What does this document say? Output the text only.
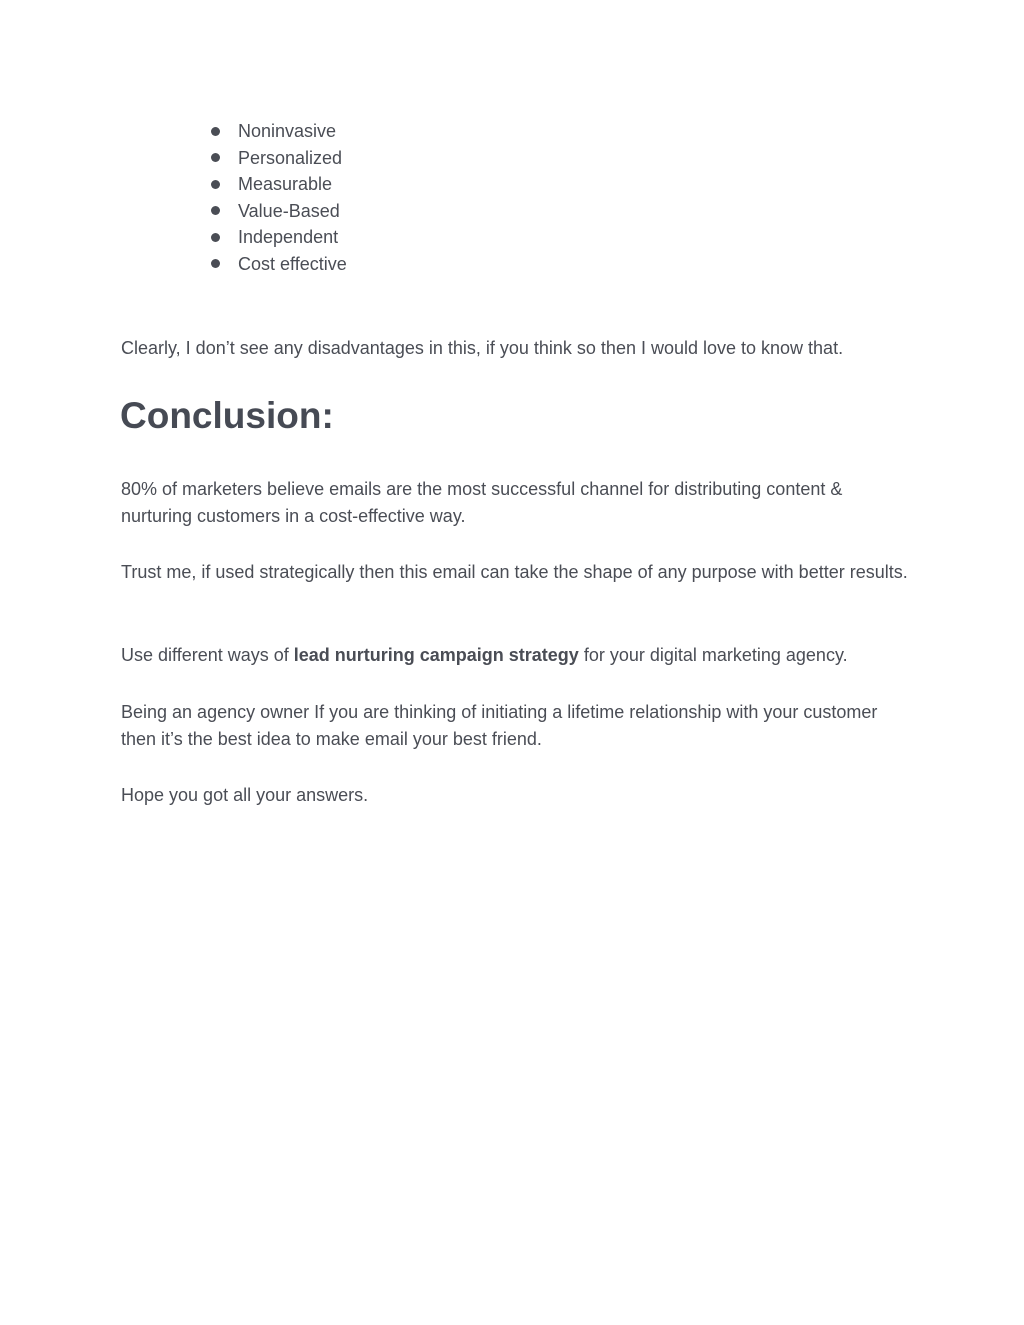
Noninvasive
Personalized
Measurable
Value-Based
Independent
Cost effective

Clearly, I don’t see any disadvantages in this, if you think so then I would love to know that.

Conclusion:

80% of marketers believe emails are the most successful channel for distributing content & nurturing customers in a cost-effective way.

Trust me, if used strategically then this email can take the shape of any purpose with better results.

Use different ways of lead nurturing campaign strategy for your digital marketing agency.

Being an agency owner If you are thinking of initiating a lifetime relationship with your customer then it’s the best idea to make email your best friend.

Hope you got all your answers.
